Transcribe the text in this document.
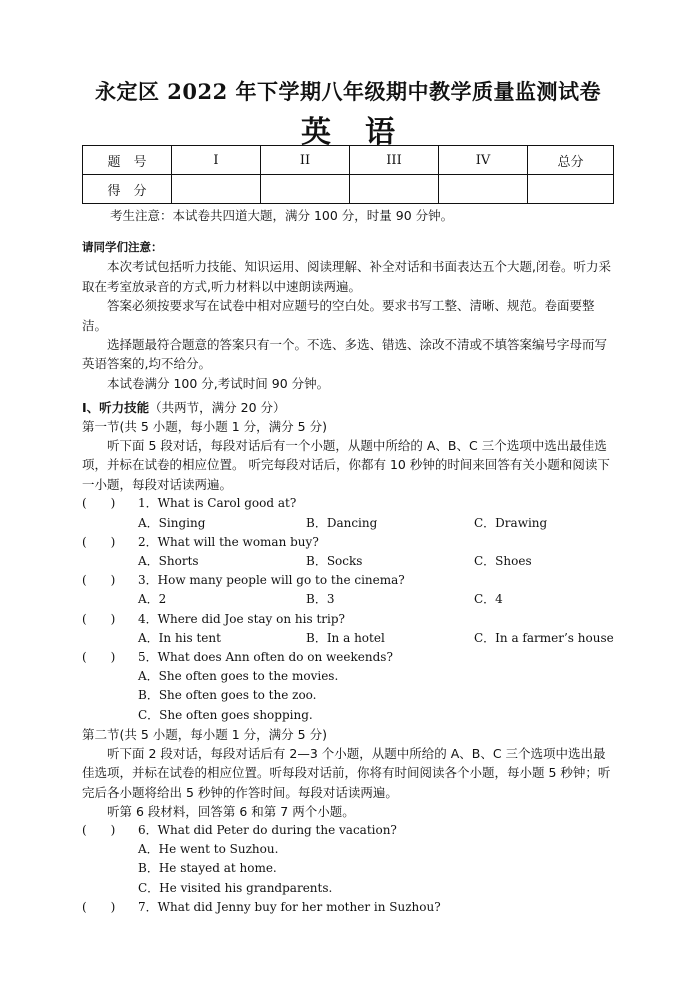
永定区 2022 年下学期八年级期中教学质量监测试卷
英语
题　号	I	II	III	IV	总分
得　分					
考生注意：本试卷共四道大题，满分 100 分，时量 90 分钟。
请同学们注意：

本次考试包括听力技能、知识运用、阅读理解、补全对话和书面表达五个大题,闭卷。听力采取在考室放录音的方式,听力材料以中速朗读两遍。

答案必须按要求写在试卷中相对应题号的空白处。要求书写工整、清晰、规范。卷面要整洁。

选择题最符合题意的答案只有一个。不选、多选、错选、涂改不清或不填答案编号字母而写英语答案的,均不给分。

本试卷满分 100 分,考试时间 90 分钟。

I、听力技能（共两节，满分 20 分）
第一节(共 5 小题，每小题 1 分，满分 5 分)

听下面 5 段对话，每段对话后有一个小题，从题中所给的 A、B、C 三个选项中选出最佳选项，并标在试卷的相应位置。 听完每段对话后，你都有 10 秒钟的时间来回答有关小题和阅读下一小题，每段对话读两遍。

(　　) 1．What is Carol good at?
A．Singing	B．Dancing	C．Drawing
(　　) 2．What will the woman buy?
A．Shorts	B．Socks	C．Shoes
(　　) 3．How many people will go to the cinema?
A．2	B．3	C．4
(　　) 4．Where did Joe stay on his trip?
A．In his tent	B．In a hotel	C．In a farmer’s house
(　　) 5．What does Ann often do on weekends?
A．She often goes to the movies.
B．She often goes to the zoo.
C．She often goes shopping.
第二节(共 5 小题，每小题 1 分，满分 5 分)

听下面 2 段对话，每段对话后有 2—3 个小题，从题中所给的 A、B、C 三个选项中选出最佳选项，并标在试卷的相应位置。听每段对话前，你将有时间阅读各个小题，每小题 5 秒钟；听完后各小题将给出 5 秒钟的作答时间。每段对话读两遍。

听第 6 段材料，回答第 6 和第 7 两个小题。

(　　) 6．What did Peter do during the vacation?
A．He went to Suzhou.
B．He stayed at home.
C．He visited his grandparents.
(　　) 7．What did Jenny buy for her mother in Suzhou?
